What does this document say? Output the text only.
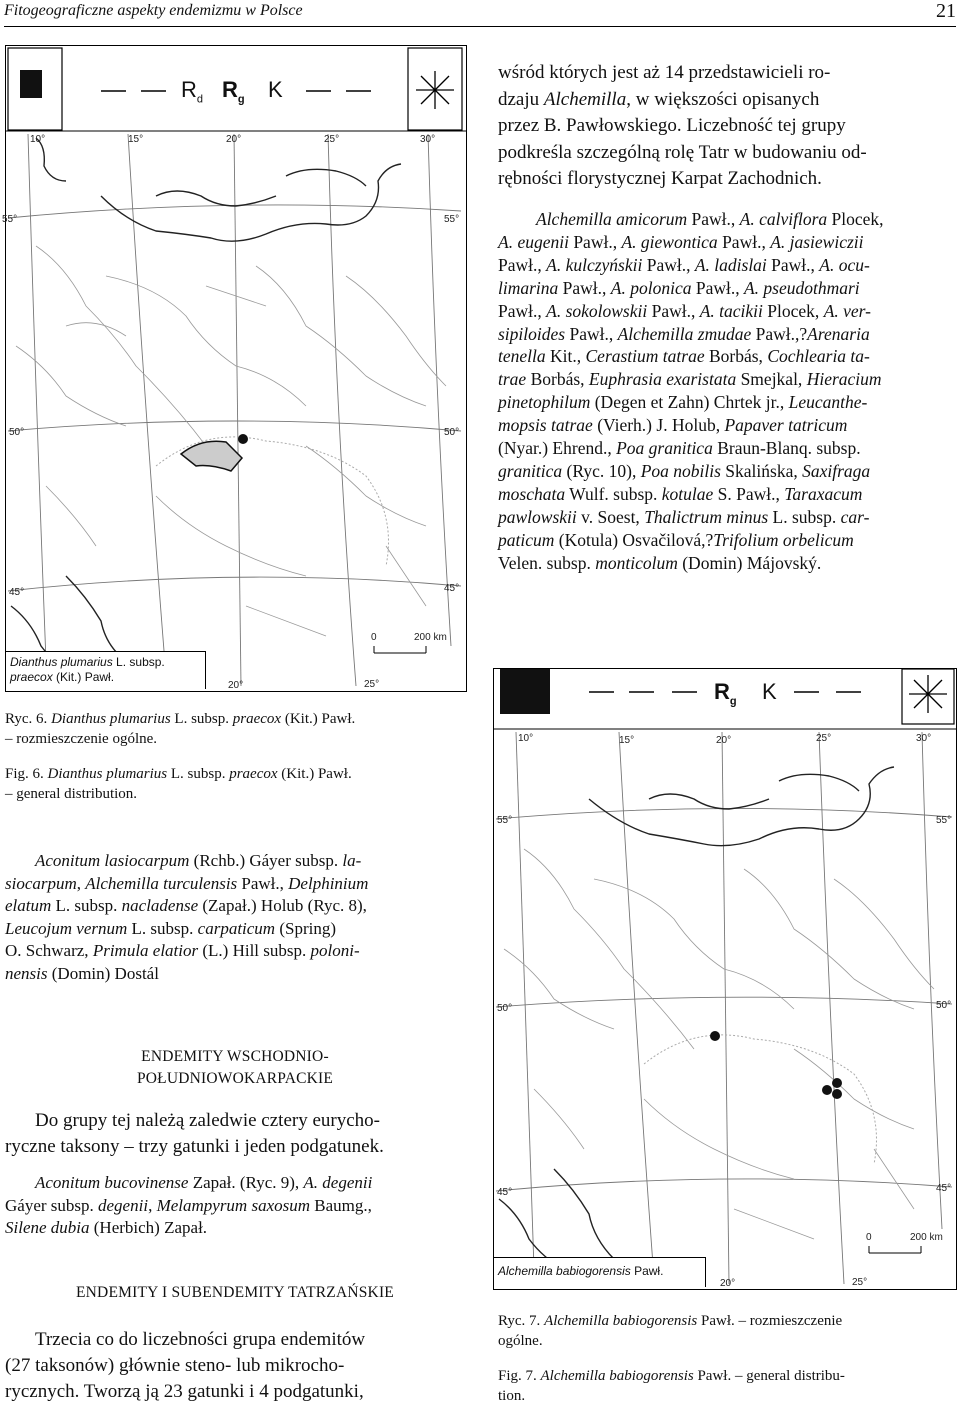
Fitogeograficzne aspekty endemizmu w Polsce	21
$R_d$ $R_g$ K
10°	15°	20°	25°	30°
55°	55°
50°	50°
45°	45°
20°	25°
0	200 km
Dianthus plumarius L. subsp.
praecox (Kit.) Pawł.
Ryc. 6. Dianthus plumarius L. subsp. praecox (Kit.) Pawł.
– rozmieszczenie ogólne.
Fig. 6. Dianthus plumarius L. subsp. praecox (Kit.) Pawł.
– general distribution.
Aconitum lasiocarpum (Rchb.) Gáyer subsp. la-
siocarpum, Alchemilla turculensis Pawł., Delphinium
elatum L. subsp. nacladense (Zapał.) Holub (Ryc. 8),
Leucojum vernum L. subsp. carpaticum (Spring)
O. Schwarz, Primula elatior (L.) Hill subsp. poloni-
nensis (Domin) Dostál
ENDEMITY WSCHODNIO-
POŁUDNIOWOKARPACKIE
Do grupy tej należą zaledwie cztery eurycho-
ryczne taksony – trzy gatunki i jeden podgatunek.
Aconitum bucovinense Zapał. (Ryc. 9), A. degenii
Gáyer subsp. degenii, Melampyrum saxosum Baumg.,
Silene dubia (Herbich) Zapał.
ENDEMITY I SUBENDEMITY TATRZAŃSKIE
Trzecia co do liczebności grupa endemitów
(27 taksonów) głównie steno- lub mikrocho-
rycznych. Tworzą ją 23 gatunki i 4 podgatunki,
wśród których jest aż 14 przedstawicieli ro-
dzaju Alchemilla, w większości opisanych
przez B. Pawłowskiego. Liczebność tej grupy
podkreśla szczególną rolę Tatr w budowaniu od-
rębności florystycznej Karpat Zachodnich.
Alchemilla amicorum Pawł., A. calviflora Plocek,
A. eugenii Pawł., A. giewontica Pawł., A. jasiewiczii
Pawł., A. kulczyńskii Pawł., A. ladislai Pawł., A. ocu-
limarina Pawł., A. polonica Pawł., A. pseudothmari
Pawł., A. sokolowskii Pawł., A. tacikii Plocek, A. ver-
sipiloides Pawł., Alchemilla zmudae Pawł.,?Arenaria
tenella Kit., Cerastium tatrae Borbás, Cochlearia ta-
trae Borbás, Euphrasia exaristata Smejkal, Hieracium
pinetophilum (Degen et Zahn) Chrtek jr., Leucanthe-
mopsis tatrae (Vierh.) J. Holub, Papaver tatricum
(Nyar.) Ehrend., Poa granitica Braun-Blanq. subsp.
granitica (Ryc. 10), Poa nobilis Skalińska, Saxifraga
moschata Wulf. subsp. kotulae S. Pawł., Taraxacum
pawlowskii v. Soest, Thalictrum minus L. subsp. car-
paticum (Kotula) Osvačilová,?Trifolium orbelicum
Velen. subsp. monticolum (Domin) Májovský.
$R_g$ K
10°	15°	20°	25°	30°
55°	55°
50°	50°
45°	45°
20°	25°
0	200 km
Alchemilla babiogorensis Pawł.
Ryc. 7. Alchemilla babiogorensis Pawł. – rozmieszczenie
ogólne.
Fig. 7. Alchemilla babiogorensis Pawł. – general distribu-
tion.
